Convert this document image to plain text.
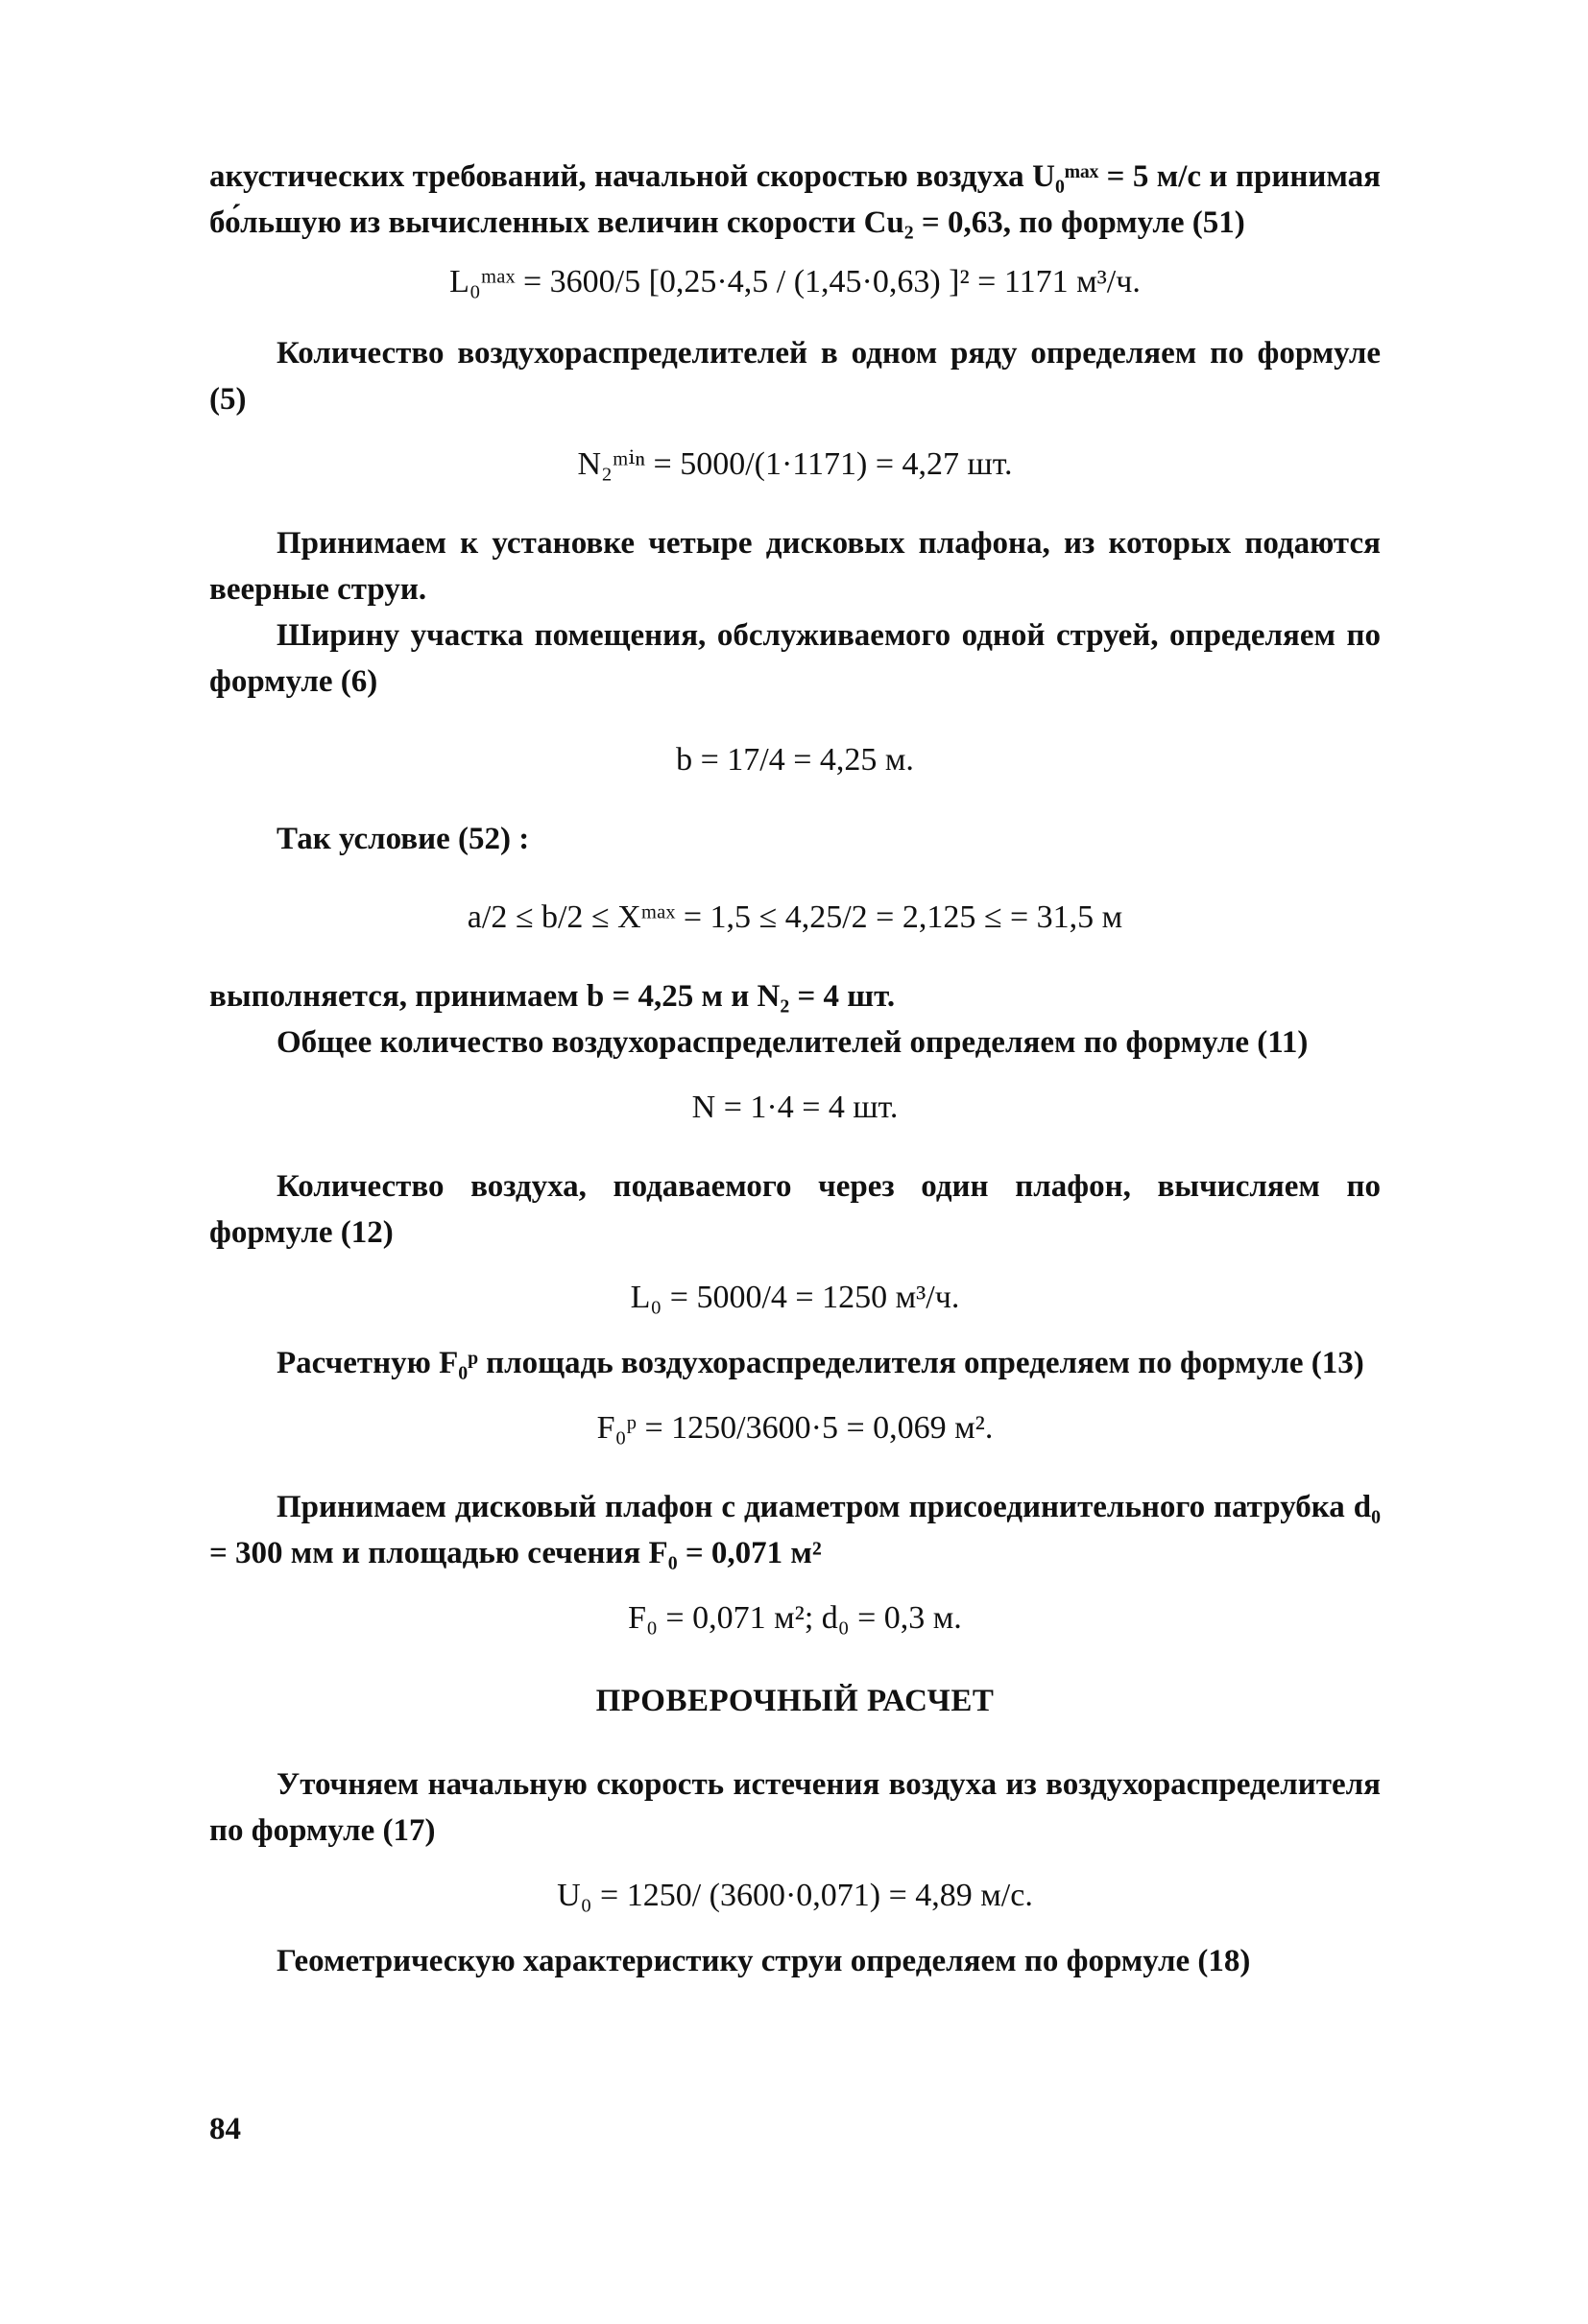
акустических требований, начальной скоростью воздуха U₀ᵐᵃˣ = 5 м/с и принимая бо́льшую из вычисленных величин скорости Cu₂ = 0,63, по формуле (51)

L₀ᵐᵃˣ = 3600/5 [0,25·4,5 / (1,45·0,63) ]² = 1171 м³/ч.

Количество воздухораспределителей в одном ряду определяем по формуле (5)

N₂ᵐⁱⁿ = 5000/(1·1171) = 4,27 шт.

Принимаем к установке четыре дисковых плафона, из которых подаются веерные струи.

Ширину участка помещения, обслуживаемого одной струей, определяем по формуле (6)

b = 17/4 = 4,25 м.

Так условие (52) :

a/2 ≤ b/2 ≤ Xᵐᵃˣ = 1,5 ≤ 4,25/2 = 2,125 ≤ = 31,5 м

выполняется, принимаем b = 4,25 м и N₂ = 4 шт.

Общее количество воздухораспределителей определяем по формуле (11)

N = 1·4 = 4 шт.

Количество воздуха, подаваемого через один плафон, вычисляем по формуле (12)

L₀ = 5000/4 = 1250 м³/ч.

Расчетную F₀ᵖ площадь воздухораспределителя определяем по формуле (13)

F₀ᵖ = 1250/3600·5 = 0,069 м².

Принимаем дисковый плафон с диаметром присоединительного патрубка d₀ = 300 мм и площадью сечения F₀ = 0,071 м²

F₀ = 0,071 м²; d₀ = 0,3 м.

ПРОВЕРОЧНЫЙ РАСЧЕТ

Уточняем начальную скорость истечения воздуха из воздухораспределителя по формуле (17)

U₀ = 1250/ (3600·0,071) = 4,89 м/с.

Геометрическую характеристику струи определяем по формуле (18)

84
